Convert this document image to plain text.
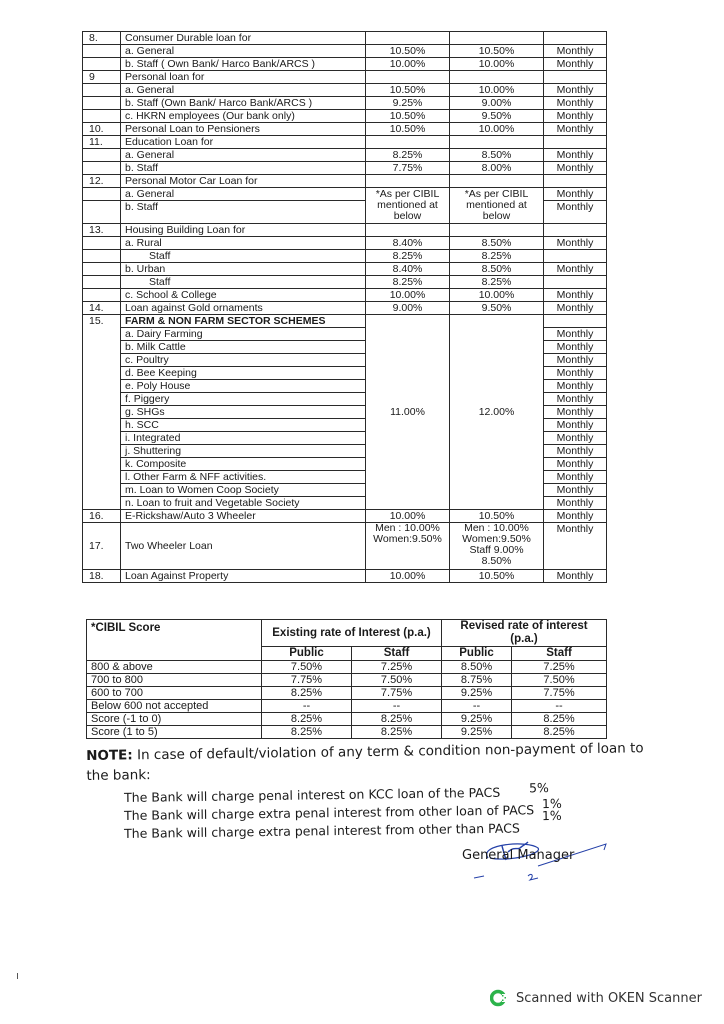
8.	Consumer Durable loan for			
	a. General	10.50%	10.50%	Monthly
	b. Staff ( Own Bank/ Harco Bank/ARCS )	10.00%	10.00%	Monthly
9	Personal loan for			
	a. General	10.50%	10.00%	Monthly
	b. Staff (Own Bank/ Harco Bank/ARCS )	9.25%	9.00%	Monthly
	c. HKRN employees (Our bank only)	10.50%	9.50%	Monthly
10.	Personal Loan to Pensioners	10.50%	10.00%	Monthly
11.	Education Loan for			
	a. General	8.25%	8.50%	Monthly
	b. Staff	7.75%	8.00%	Monthly
12.	Personal Motor Car Loan for			
	a. General	*As per CIBIL mentioned at below	*As per CIBIL mentioned at below	Monthly
	b. Staff			Monthly
13.	Housing Building Loan for			
	a. Rural	8.40%	8.50%	Monthly
	Staff	8.25%	8.25%	
	b. Urban	8.40%	8.50%	Monthly
	Staff	8.25%	8.25%	
	c. School & College	10.00%	10.00%	Monthly
14.	Loan against Gold ornaments	9.00%	9.50%	Monthly
15.	FARM & NON FARM SECTOR SCHEMES	11.00%	12.00%	
	a. Dairy Farming			Monthly
	b. Milk Cattle			Monthly
	c. Poultry			Monthly
	d. Bee Keeping			Monthly
	e. Poly House			Monthly
	f. Piggery			Monthly
	g. SHGs			Monthly
	h. SCC			Monthly
	i. Integrated			Monthly
	j. Shuttering			Monthly
	k. Composite			Monthly
	l. Other Farm & NFF activities.			Monthly
	m. Loan to Women Coop Society			Monthly
	n. Loan to fruit and Vegetable Society			Monthly
16.	E-Rickshaw/Auto 3 Wheeler	10.00%	10.50%	Monthly
17.	Two Wheeler Loan	Men : 10.00% Women:9.50%	Men : 10.00% Women:9.50% Staff 9.00% 8.50%	Monthly
18.	Loan Against Property	10.00%	10.50%	Monthly
*CIBIL Score	Existing rate of Interest (p.a.)		Revised rate of interest (p.a.)	
	Public	Staff	Public	Staff
800 & above	7.50%	7.25%	8.50%	7.25%
700 to 800	7.75%	7.50%	8.75%	7.50%
600 to 700	8.25%	7.75%	9.25%	7.75%
Below 600 not accepted	--	--	--	--
Score (-1 to 0)	8.25%	8.25%	9.25%	8.25%
Score (1 to 5)	8.25%	8.25%	9.25%	8.25%
NOTE: In case of default/violation of any term & condition non-payment of loan to the bank:
The Bank will charge penal interest on KCC loan of the PACS 5%
The Bank will charge extra penal interest from other loan of PACS 1%
The Bank will charge extra penal interest from other than PACS
1%
General Manager
Scanned with OKEN Scanner
